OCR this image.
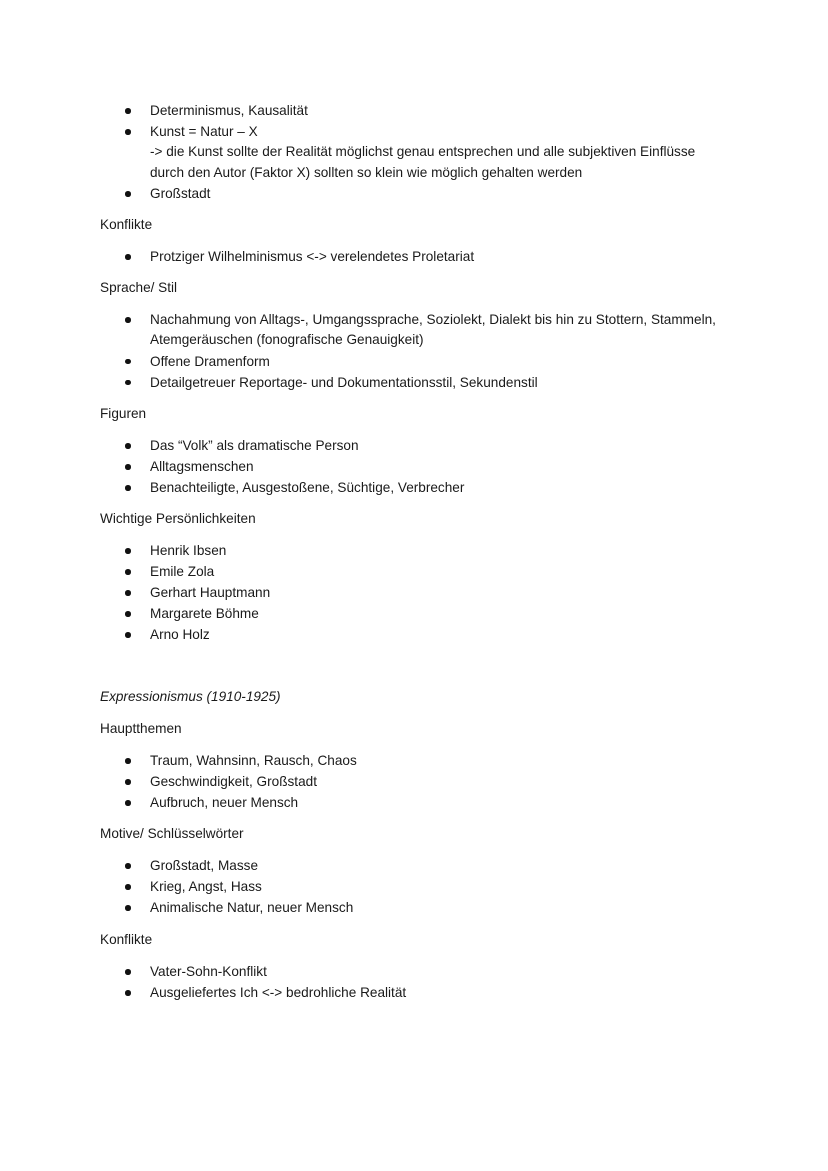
Determinismus, Kausalität
Kunst = Natur – X
-> die Kunst sollte der Realität möglichst genau entsprechen und alle subjektiven Einflüsse
durch den Autor (Faktor X) sollten so klein wie möglich gehalten werden
Großstadt
Konflikte
Protziger Wilhelminismus <-> verelendetes Proletariat
Sprache/ Stil
Nachahmung von Alltags-, Umgangssprache, Soziolekt, Dialekt bis hin zu Stottern, Stammeln,
Atemgeräuschen (fonografische Genauigkeit)
Offene Dramenform
Detailgetreuer Reportage- und Dokumentationsstil, Sekundenstil
Figuren
Das “Volk” als dramatische Person
Alltagsmenschen
Benachteiligte, Ausgestoßene, Süchtige, Verbrecher
Wichtige Persönlichkeiten
Henrik Ibsen
Emile Zola
Gerhart Hauptmann
Margarete Böhme
Arno Holz
Expressionismus (1910-1925)
Hauptthemen
Traum, Wahnsinn, Rausch, Chaos
Geschwindigkeit, Großstadt
Aufbruch, neuer Mensch
Motive/ Schlüsselwörter
Großstadt, Masse
Krieg, Angst, Hass
Animalische Natur, neuer Mensch
Konflikte
Vater-Sohn-Konflikt
Ausgeliefertes Ich <-> bedrohliche Realität
